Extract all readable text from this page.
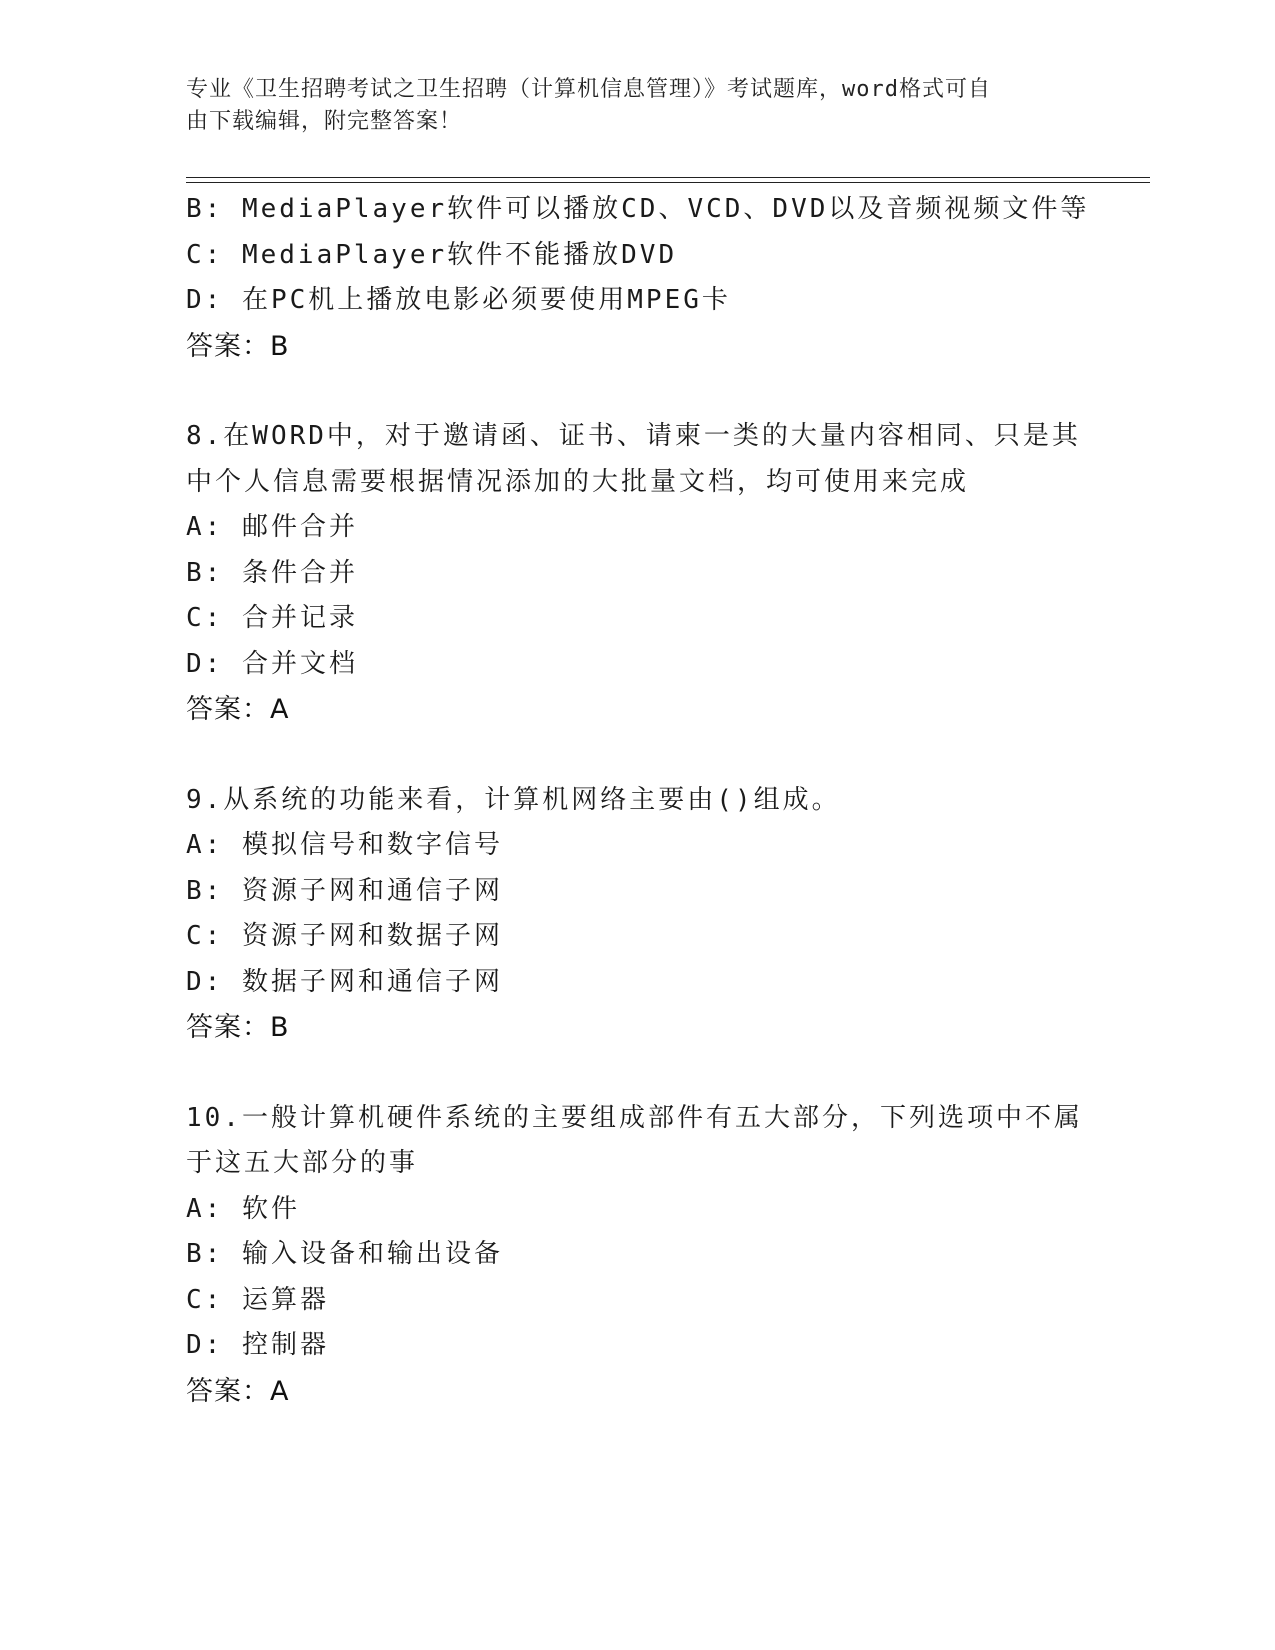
专业《卫生招聘考试之卫生招聘（计算机信息管理）》考试题库，word格式可自
由下载编辑，附完整答案！
B: MediaPlayer软件可以播放CD、VCD、DVD以及音频视频文件等
C: MediaPlayer软件不能播放DVD
D: 在PC机上播放电影必须要使用MPEG卡
答案：B
8.在WORD中，对于邀请函、证书、请柬一类的大量内容相同、只是其
中个人信息需要根据情况添加的大批量文档，均可使用来完成
A: 邮件合并
B: 条件合并
C: 合并记录
D: 合并文档
答案：A
9.从系统的功能来看，计算机网络主要由()组成。
A: 模拟信号和数字信号
B: 资源子网和通信子网
C: 资源子网和数据子网
D: 数据子网和通信子网
答案：B
10.一般计算机硬件系统的主要组成部件有五大部分，下列选项中不属
于这五大部分的事
A: 软件
B: 输入设备和输出设备
C: 运算器
D: 控制器
答案：A
